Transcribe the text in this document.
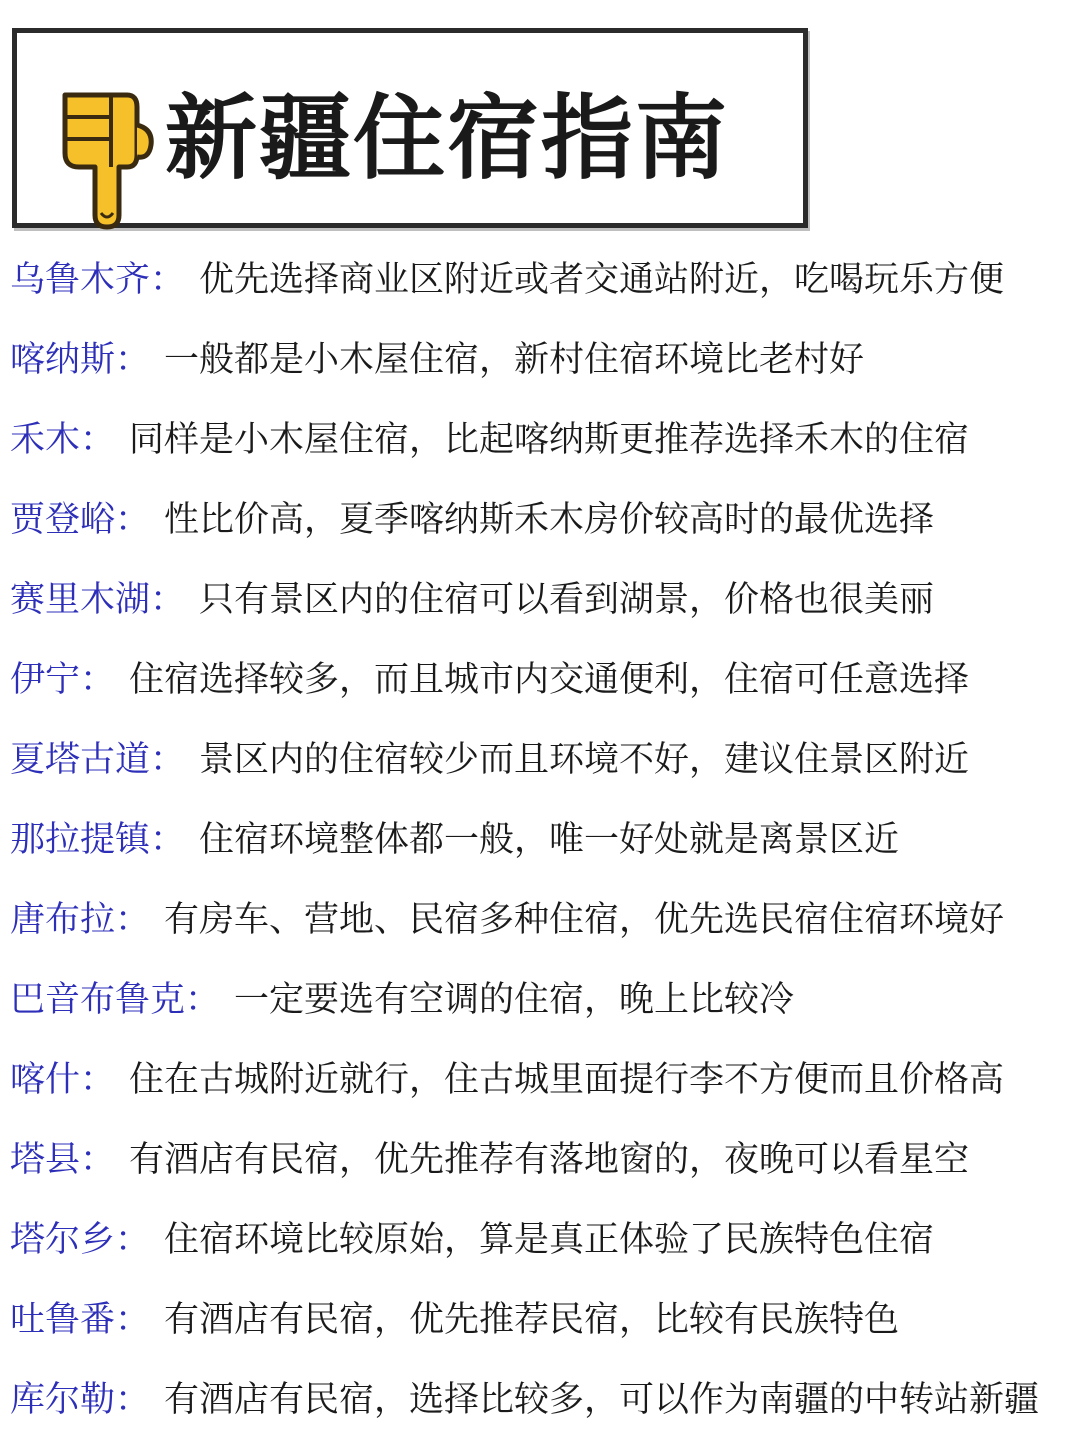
新疆住宿指南
乌鲁木齐 ： 优先选择商业区附近或者交通站附近，吃喝玩乐方便
喀纳斯 ： 一般都是小木屋住宿，新村住宿环境比老村好
禾木 ： 同样是小木屋住宿，比起喀纳斯更推荐选择禾木的住宿
贾登峪 ： 性比价高，夏季喀纳斯禾木房价较高时的最优选择
赛里木湖 ： 只有景区内的住宿可以看到湖景，价格也很美丽
伊宁 ： 住宿选择较多，而且城市内交通便利，住宿可任意选择
夏塔古道 ： 景区内的住宿较少而且环境不好，建议住景区附近
那拉提镇 ： 住宿环境整体都一般，唯一好处就是离景区近
唐布拉 ： 有房车、营地、民宿多种住宿，优先选民宿住宿环境好
巴音布鲁克 ： 一定要选有空调的住宿，晚上比较冷
喀什 ： 住在古城附近就行，住古城里面提行李不方便而且价格高
塔县 ： 有酒店有民宿，优先推荐有落地窗的，夜晚可以看星空
塔尔乡 ： 住宿环境比较原始，算是真正体验了民族特色住宿
吐鲁番 ： 有酒店有民宿，优先推荐民宿，比较有民族特色
库尔勒 ： 有酒店有民宿，选择比较多，可以作为南疆的中转站新疆
